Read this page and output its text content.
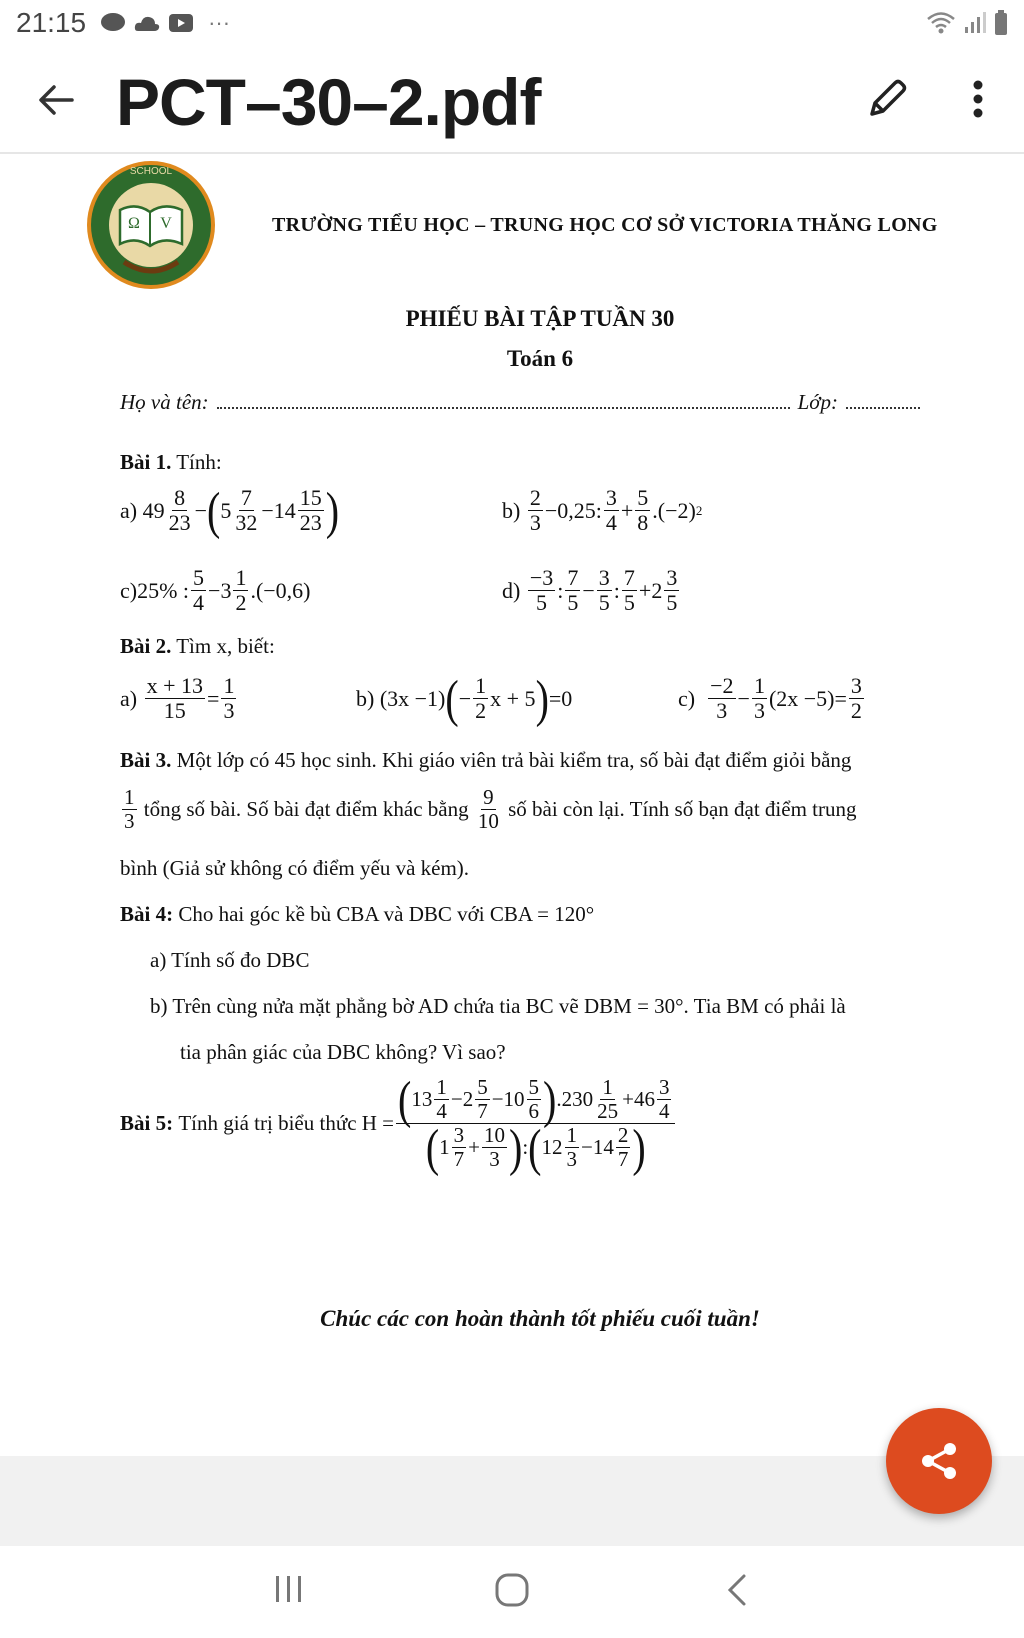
21:15	···
PCT–30–2.pdf
Ω V
SCHOOL
TRƯỜNG TIỂU HỌC – TRUNG HỌC CƠ SỞ VICTORIA THĂNG LONG
PHIẾU BÀI TẬP TUẦN 30
Toán 6
Họ và tên:	Lớp:
Bài 1. Tính:
a) $49 \frac{8}{23}$ − ( $5 \frac{7}{32} -14 \frac{15}{23}$ )	$b) \frac{2}{3} -0,25$: $\frac{3}{4} + \frac{5}{8} .(-2)$ 2
c)25% : $\frac{5}{4} -3 \frac{1}{2} .(-0,6)$	$d) \frac{-3}{5}$ : $\frac{7}{5} - \frac{3}{5}$ : $\frac{7}{5} +2 \frac{3}{5}$
Bài 2. Tìm x, biết:
$a) \frac{x + 13}{15} = \frac{1}{3}$	b) (3x −1) ( − $\frac{1}{2}$ x + 5 ) =0	$c) \frac{-2}{3} - \frac{1}{3} (2x -5)= \frac{3}{2}$
Bài 3. Một lớp có 45 học sinh. Khi giáo viên trả bài kiểm tra, số bài đạt điểm giỏi bằng
$\frac{1}{3}$
tổng số bài. Số bài đạt điểm khác bằng
$\frac{9}{10}$
số bài còn lại. Tính số bạn đạt điểm trung
bình (Giả sử không có điểm yếu và kém).
Bài 4: Cho hai góc kề bù CBA và DBC với CBA = 120°
a) Tính số đo DBC
b) Trên cùng nửa mặt phẳng bờ AD chứa tia BC vẽ DBM = 30°. Tia BM có phải là
tia phân giác của DBC không? Vì sao?
Bài 5:
Tính giá trị biểu thức $H = \frac{( 13 \frac{1}{4} -2 \frac{5}{7} -10 \frac{5}{6} ) .230 \frac{1}{25} +46 \frac{3}{4}}{( 1 \frac{3}{7} + \frac{10}{3} ) : ( 12 \frac{1}{3} -14 \frac{2}{7} )}$
Chúc các con hoàn thành tốt phiếu cuối tuần!
